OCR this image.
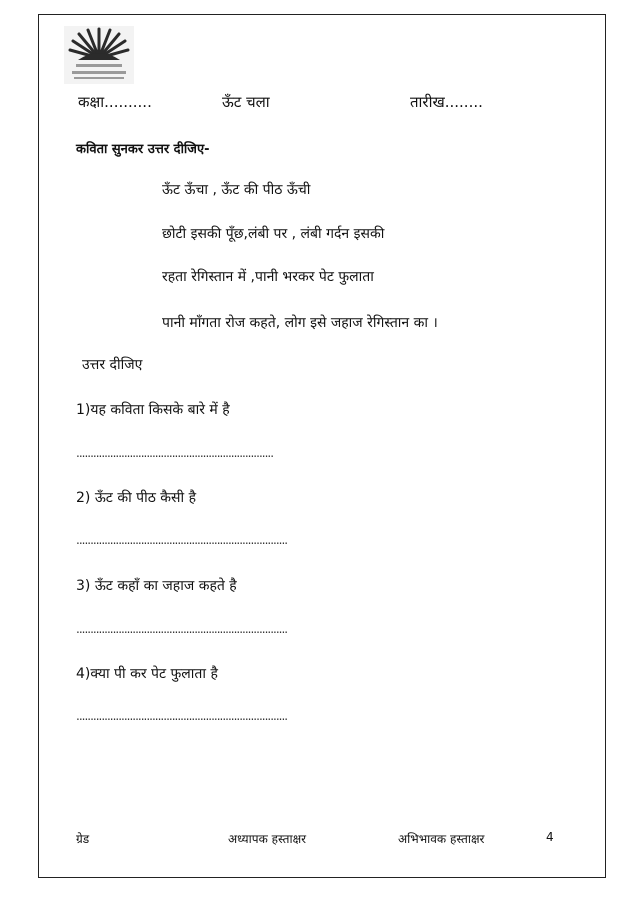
कक्षा..........	ऊँट चला	तारीख........
कविता सुनकर उत्तर दीजिए-
ऊँट ऊँचा , ऊँट की पीठ ऊँची
छोटी इसकी पूँछ,लंबी पर , लंबी गर्दन इसकी
रहता रेगिस्तान में ,पानी भरकर पेट फुलाता
पानी माँगता रोज कहते, लोग इसे जहाज रेगिस्तान का ।
उत्तर दीजिए
1)यह कविता किसके बारे में है
......................................................................
2) ऊँट की पीठ कैसी है
...........................................................................
3) ऊँट कहाँ का जहाज कहते है
...........................................................................
4)क्या पी कर पेट फुलाता है
...........................................................................
ग्रेड	अध्यापक हस्ताक्षर	अभिभावक हस्ताक्षर	4
